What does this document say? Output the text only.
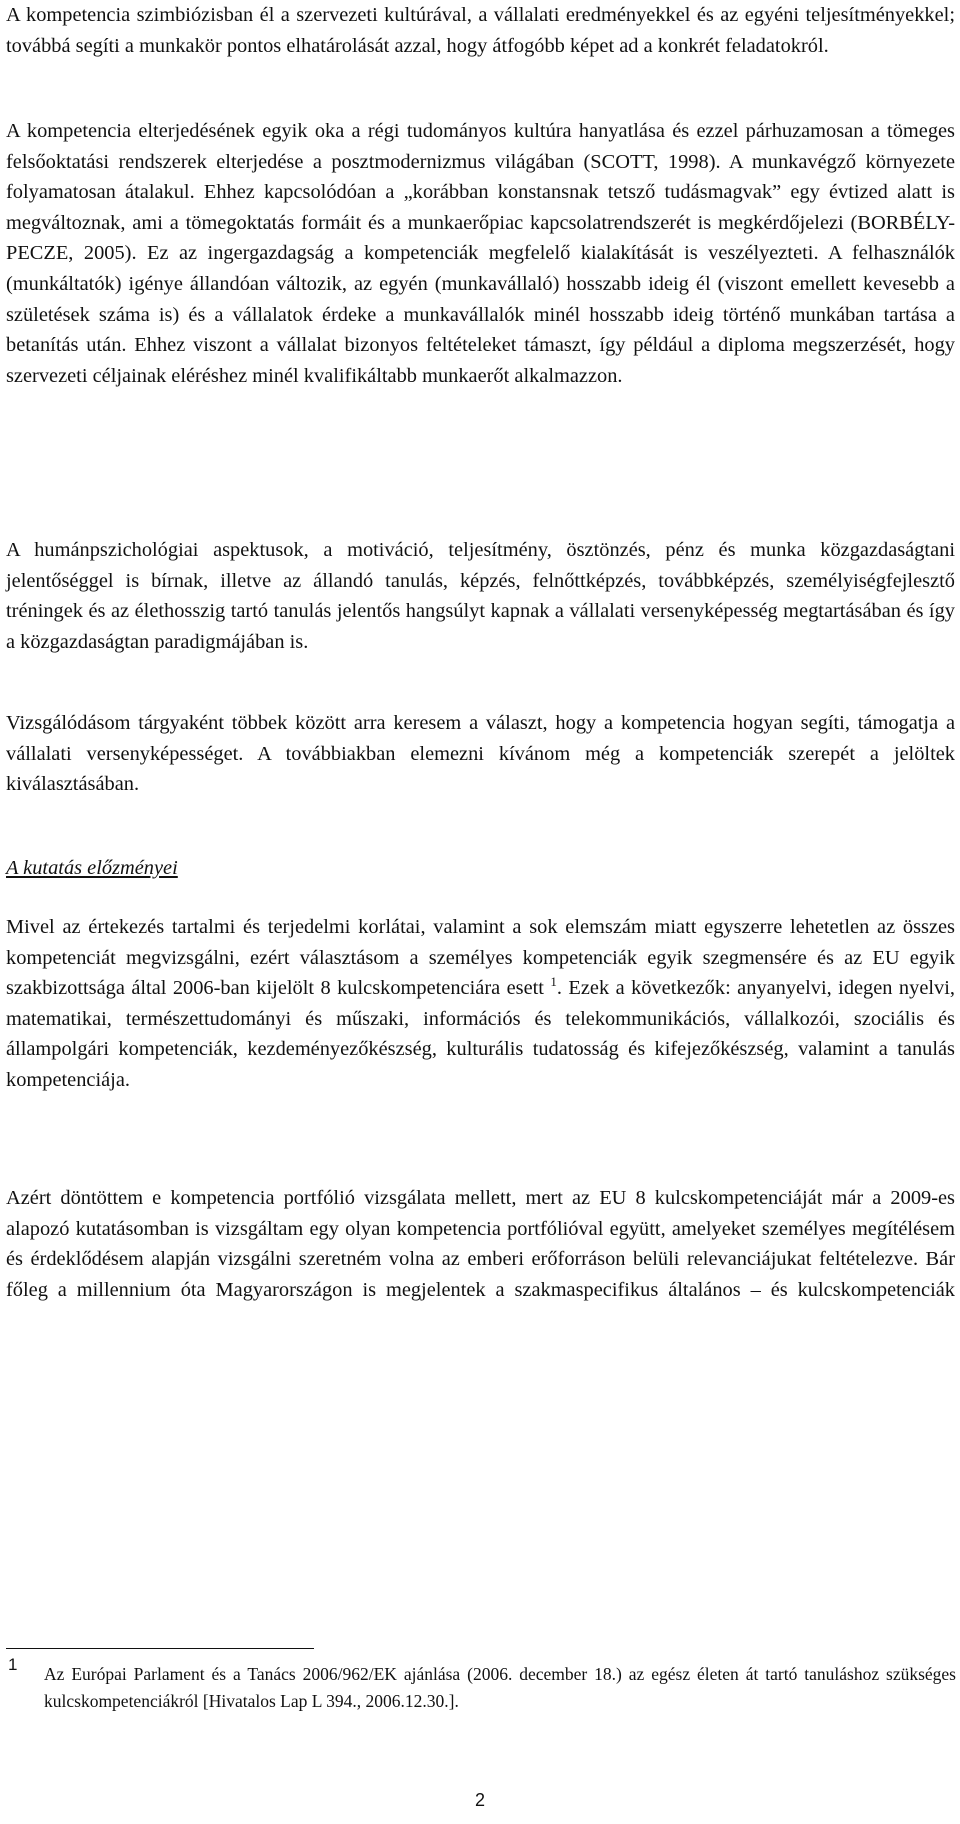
A kompetencia szimbiózisban él a szervezeti kultúrával, a vállalati eredményekkel és az egyéni teljesítményekkel; továbbá segíti a munkakör pontos elhatárolását azzal, hogy átfogóbb képet ad a konkrét feladatokról.

A kompetencia elterjedésének egyik oka a régi tudományos kultúra hanyatlása és ezzel párhuzamosan a tömeges felsőoktatási rendszerek elterjedése a posztmodernizmus világában (SCOTT, 1998). A munkavégző környezete folyamatosan átalakul. Ehhez kapcsolódóan a „korábban konstansnak tetsző tudásmagvak” egy évtized alatt is megváltoznak, ami a tömegoktatás formáit és a munkaerőpiac kapcsolatrendszerét is megkérdőjelezi (BORBÉLY-PECZE, 2005). Ez az ingergazdagság a kompetenciák megfelelő kialakítását is veszélyezteti. A felhasználók (munkáltatók) igénye állandóan változik, az egyén (munkavállaló) hosszabb ideig él (viszont emellett kevesebb a születések száma is) és a vállalatok érdeke a munkavállalók minél hosszabb ideig történő munkában tartása a betanítás után. Ehhez viszont a vállalat bizonyos feltételeket támaszt, így például a diploma megszerzését, hogy szervezeti céljainak eléréshez minél kvalifikáltabb munkaerőt alkalmazzon.

A humánpszichológiai aspektusok, a motiváció, teljesítmény, ösztönzés, pénz és munka közgazdaságtani jelentőséggel is bírnak, illetve az állandó tanulás, képzés, felnőttképzés, továbbképzés, személyiségfejlesztő tréningek és az élethosszig tartó tanulás jelentős hangsúlyt kapnak a vállalati versenyképesség megtartásában és így a közgazdaságtan paradigmájában is.

Vizsgálódásom tárgyaként többek között arra keresem a választ, hogy a kompetencia hogyan segíti, támogatja a vállalati versenyképességet. A továbbiakban elemezni kívánom még a kompetenciák szerepét a jelöltek kiválasztásában.

A kutatás előzményei

Mivel az értekezés tartalmi és terjedelmi korlátai, valamint a sok elemszám miatt egyszerre lehetetlen az összes kompetenciát megvizsgálni, ezért választásom a személyes kompetenciák egyik szegmensére és az EU egyik szakbizottsága által 2006-ban kijelölt 8 kulcskompetenciára esett $^1$. Ezek a következők: anyanyelvi, idegen nyelvi, matematikai, természettudományi és műszaki, információs és telekommunikációs, vállalkozói, szociális és állampolgári kompetenciák, kezdeményezőkészség, kulturális tudatosság és kifejezőkészség, valamint a tanulás kompetenciája.

Azért döntöttem e kompetencia portfólió vizsgálata mellett, mert az EU 8 kulcskompetenciáját már a 2009-es alapozó kutatásomban is vizsgáltam egy olyan kompetencia portfólióval együtt, amelyeket személyes megítélésem és érdeklődésem alapján vizsgálni szeretném volna az emberi erőforráson belüli relevanciájukat feltételezve. Bár főleg a millennium óta Magyarországon is megjelentek a szakmaspecifikus általános – és kulcskompetenciák

1 Az Európai Parlament és a Tanács 2006/962/EK ajánlása (2006. december 18.) az egész életen át tartó tanuláshoz szükséges kulcskompetenciákról [Hivatalos Lap L 394., 2006.12.30.].

2
